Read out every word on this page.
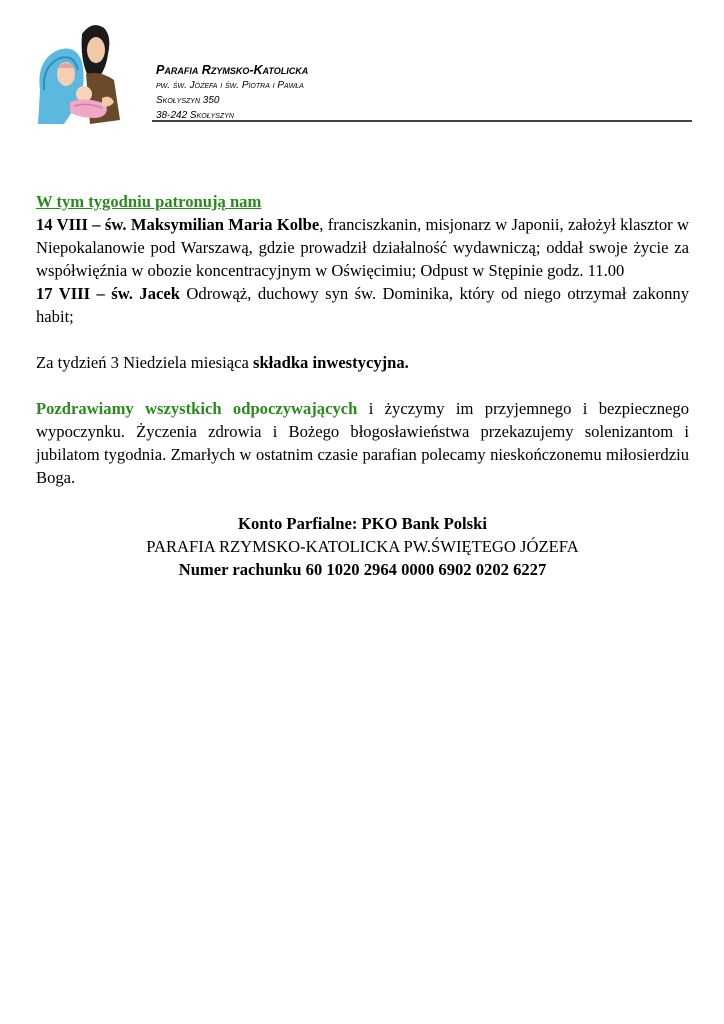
Parafia Rzymsko-Katolicka
pw. św. Józefa i św. Piotra i Pawła
Skołyszyn 350
38-242 Skołyszyn

W tym tygodniu patronują nam

14 VIII – św. Maksymilian Maria Kolbe, franciszkanin, misjonarz w Japonii, założył klasztor w Niepokalanowie pod Warszawą, gdzie prowadził działalność wydawniczą; oddał swoje życie za współwięźnia w obozie koncentracyjnym w Oświęcimiu; Odpust w Stępinie godz. 11.00

17 VIII – św. Jacek Odrowąż, duchowy syn św. Dominika, który od niego otrzymał zakonny habit;

Za tydzień 3 Niedziela miesiąca składka inwestycyjna.

Pozdrawiamy wszystkich odpoczywających i życzymy im przyjemnego i bezpiecznego wypoczynku. Życzenia zdrowia i Bożego błogosławieństwa przekazujemy solenizantom i jubilatom tygodnia. Zmarłych w ostatnim czasie parafian polecamy nieskończonemu miłosierdziu Boga.

Konto Parfialne: PKO Bank Polski

PARAFIA RZYMSKO-KATOLICKA PW.ŚWIĘTEGO JÓZEFA

Numer rachunku 60 1020 2964 0000 6902 0202 6227
